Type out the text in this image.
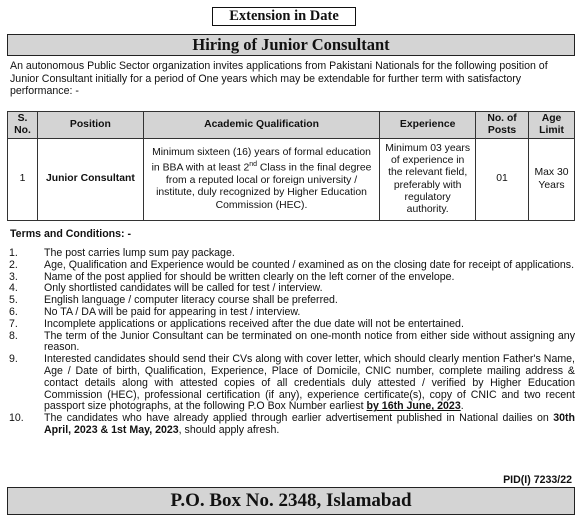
Extension in Date
Hiring of Junior Consultant
An autonomous Public Sector organization invites applications from Pakistani Nationals for the following position of Junior Consultant initially for a period of One years which may be extendable for further term with satisfactory performance: -
S. No.	Position	Academic Qualification	Experience	No. of Posts	Age Limit
1	Junior Consultant	Minimum sixteen (16) years of formal education in BBA with at least 2nd Class in the final degree from a reputed local or foreign university / institute, duly recognized by Higher Education Commission (HEC).	Minimum 03 years of experience in the relevant field, preferably with regulatory authority.	01	Max 30 Years
Terms and Conditions: -
1.	The post carries lump sum pay package.
2.	Age, Qualification and Experience would be counted / examined as on the closing date for receipt of applications.
3.	Name of the post applied for should be written clearly on the left corner of the envelope.
4.	Only shortlisted candidates will be called for test / interview.
5.	English language / computer literacy course shall be preferred.
6.	No TA / DA will be paid for appearing in test / interview.
7.	Incomplete applications or applications received after the due date will not be entertained.
8.	The term of the Junior Consultant can be terminated on one-month notice from either side without assigning any reason.
9.	Interested candidates should send their CVs along with cover letter, which should clearly mention Father's Name, Age / Date of birth, Qualification, Experience, Place of Domicile, CNIC number, complete mailing address & contact details along with attested copies of all credentials duly attested / verified by Higher Education Commission (HEC), professional certification (if any), experience certificate(s), copy of CNIC and two recent passport size photographs, at the following P.O Box Number earliest by 16th June, 2023.
10.	The candidates who have already applied through earlier advertisement published in National dailies on 30th April, 2023 & 1st May, 2023, should apply afresh.
PID(I) 7233/22
P.O. Box No. 2348, Islamabad
